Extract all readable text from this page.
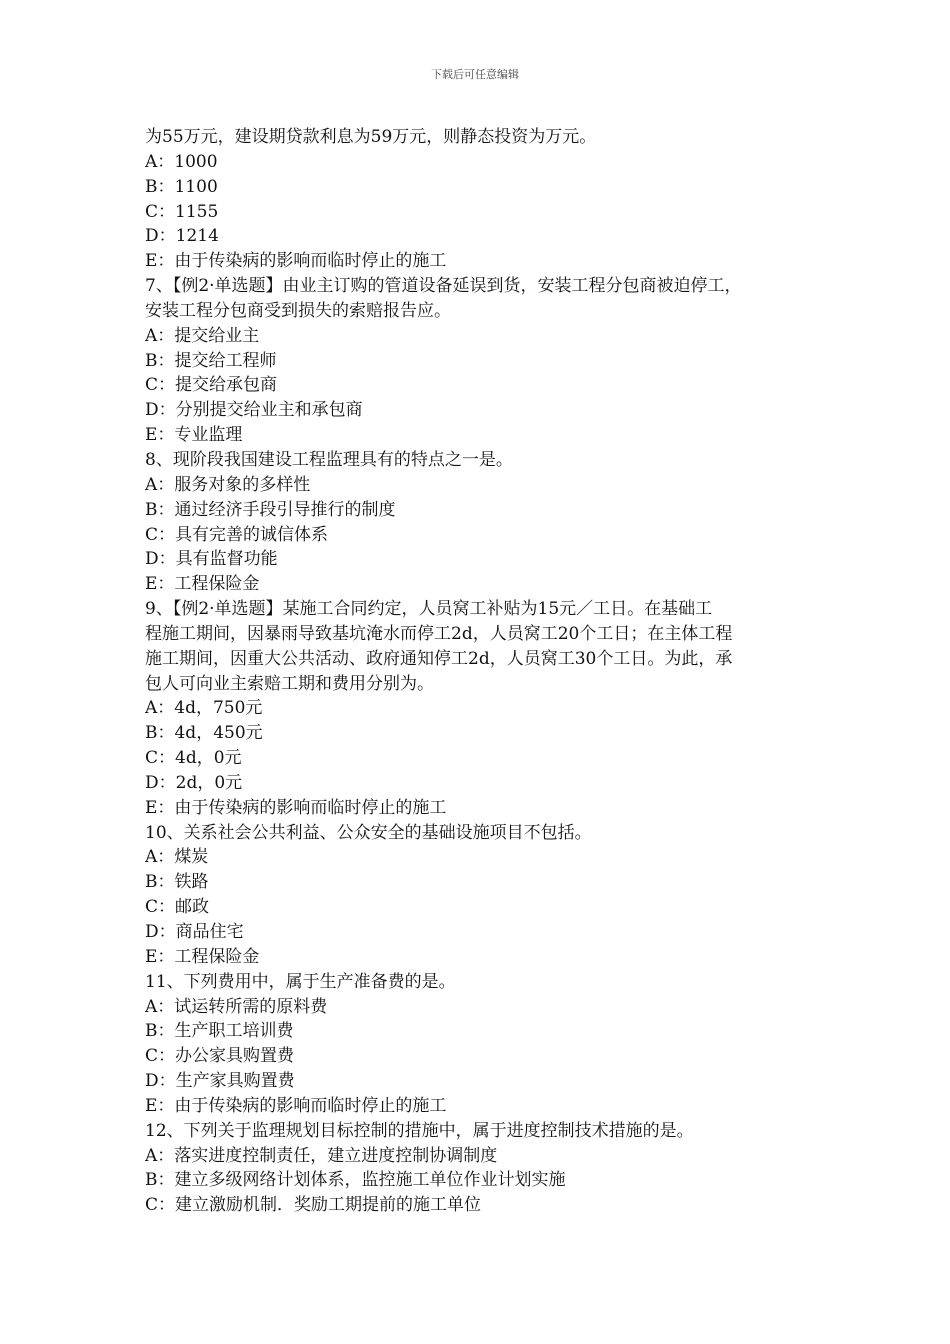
下载后可任意编辑
为55万元，建设期贷款利息为59万元，则静态投资为万元。
A：1000
B：1100
C：1155
D：1214
E：由于传染病的影响而临时停止的施工
7、【例2·单选题】由业主订购的管道设备延误到货，安装工程分包商被迫停工，
安装工程分包商受到损失的索赔报告应。
A：提交给业主
B：提交给工程师
C：提交给承包商
D：分别提交给业主和承包商
E：专业监理
8、现阶段我国建设工程监理具有的特点之一是。
A：服务对象的多样性
B：通过经济手段引导推行的制度
C：具有完善的诚信体系
D：具有监督功能
E：工程保险金
9、【例2·单选题】某施工合同约定，人员窝工补贴为15元／工日。在基础工
程施工期间，因暴雨导致基坑淹水而停工2d，人员窝工20个工日；在主体工程
施工期间，因重大公共活动、政府通知停工2d，人员窝工30个工日。为此，承
包人可向业主索赔工期和费用分别为。
A：4d，750元
B：4d，450元
C：4d，0元
D：2d，0元
E：由于传染病的影响而临时停止的施工
10、关系社会公共利益、公众安全的基础设施项目不包括。
A：煤炭
B：铁路
C：邮政
D：商品住宅
E：工程保险金
11、下列费用中，属于生产准备费的是。
A：试运转所需的原料费
B：生产职工培训费
C：办公家具购置费
D：生产家具购置费
E：由于传染病的影响而临时停止的施工
12、下列关于监理规划目标控制的措施中，属于进度控制技术措施的是。
A：落实进度控制责任，建立进度控制协调制度
B：建立多级网络计划体系，监控施工单位作业计划实施
C：建立激励机制．奖励工期提前的施工单位
